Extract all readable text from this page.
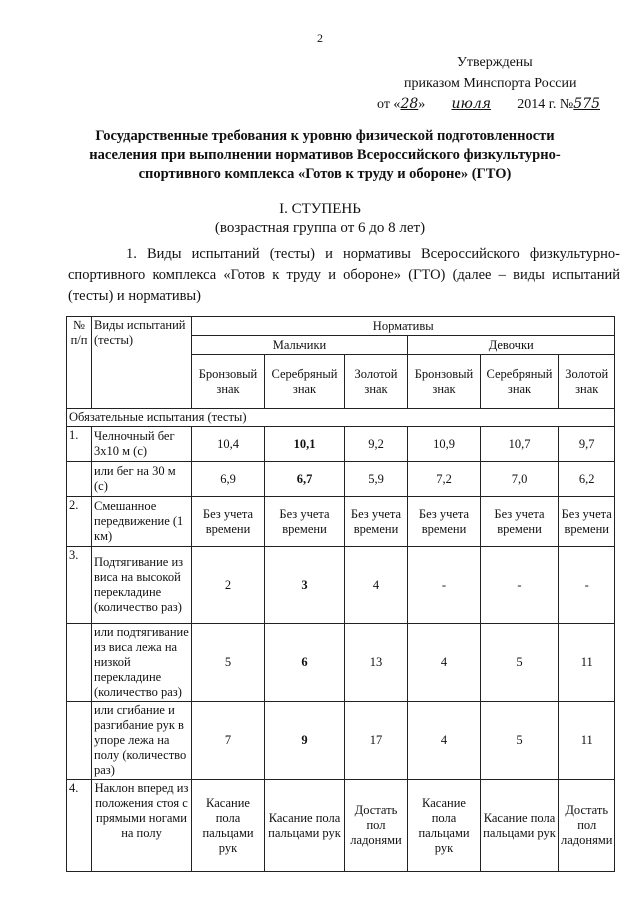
2
Утверждены
приказом Минспорта России
от «28» июля 2014 г. №575
Государственные требования к уровню физической подготовленности населения при выполнении нормативов Всероссийского физкультурно-спортивного комплекса «Готов к труду и обороне» (ГТО)
I. СТУПЕНЬ
(возрастная группа от 6 до 8 лет)
1. Виды испытаний (тесты) и нормативы Всероссийского физкультурно-спортивного комплекса «Готов к труду и обороне» (ГТО) (далее – виды испытаний (тесты) и нормативы)
№ п/п	Виды испытаний (тесты)	Нормативы					
		Мальчики			Девочки		
		Бронзовый знак	Серебряный знак	Золотой знак	Бронзовый знак	Серебряный знак	Золотой знак
Обязательные испытания (тесты)							
1.	Челночный бег 3х10 м (с)	10,4	10,1	9,2	10,9	10,7	9,7
	или бег на 30 м (с)	6,9	6,7	5,9	7,2	7,0	6,2
2.	Смешанное передвижение (1 км)	Без учета времени	Без учета времени	Без учета времени	Без учета времени	Без учета времени	Без учета времени
3.	Подтягивание из виса на высокой перекладине (количество раз)	2	3	4	-	-	-
	или подтягивание из виса лежа на низкой перекладине (количество раз)	5	6	13	4	5	11
	или сгибание и разгибание рук в упоре лежа на полу (количество раз)	7	9	17	4	5	11
4.	Наклон вперед из положения стоя с прямыми ногами на полу	Касание пола пальцами рук	Касание пола пальцами рук	Достать пол ладонями	Касание пола пальцами рук	Касание пола пальцами рук	Достать пол ладонями
